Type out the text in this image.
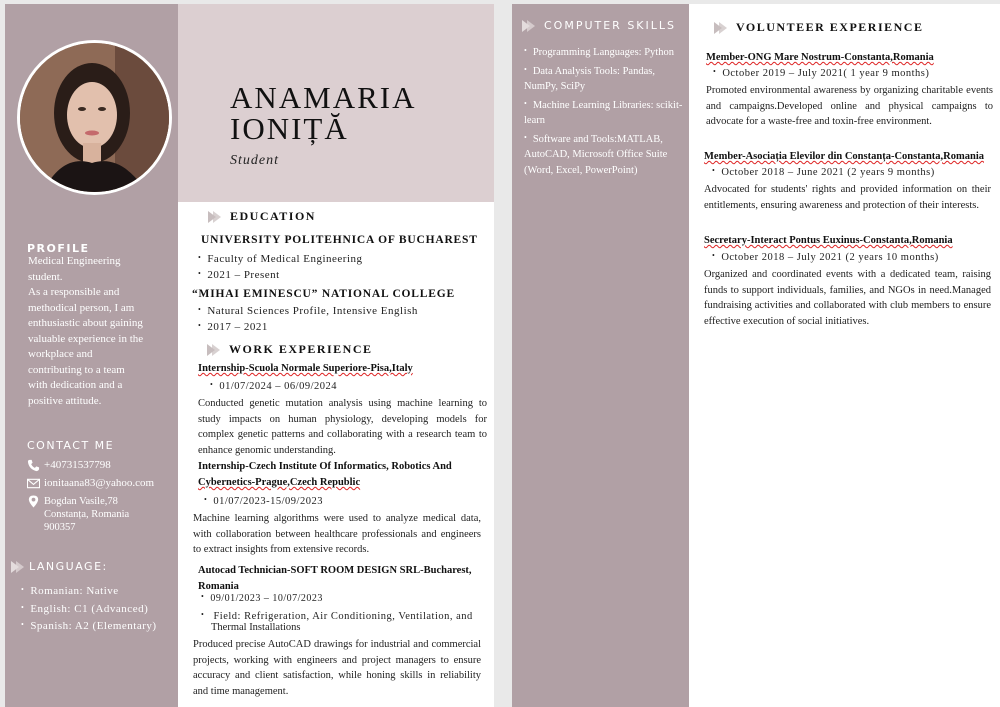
PROFILE
Medical Engineering
student.
As a responsible and
methodical person, I am
enthusiastic about gaining
valuable experience in the
workplace and
contributing to a team
with dedication and a
positive attitude.
CONTACT ME
+40731537798
ionitaana83@yahoo.com
Bogdan Vasile,78
Constanța, Romania
900357
LANGUAGE:
• Romanian: Native
• English: C1 (Advanced)
• Spanish: A2 (Elementary)
ANAMARIA
IONIȚĂ
Student
EDUCATION
UNIVERSITY POLITEHNICA OF BUCHAREST
• Faculty of Medical Engineering
• 2021 – Present
“MIHAI EMINESCU” NATIONAL COLLEGE
• Natural Sciences Profile, Intensive English
• 2017 – 2021
WORK EXPERIENCE
Internship-Scuola Normale Superiore-Pisa,Italy
• 01/07/2024 – 06/09/2024
Conducted genetic mutation analysis using machine learning to study impacts on human physiology, developing models for complex genetic patterns and collaborating with a research team to enhance genomic understanding.
Internship-Czech Institute Of Informatics, Robotics And
Cybernetics-Prague,Czech Republic
• 01/07/2023-15/09/2023
Machine learning algorithms were used to analyze medical data, with collaboration between healthcare professionals and engineers to extract insights from extensive records.
Autocad Technician-SOFT ROOM DESIGN SRL-Bucharest,
Romania
• 09/01/2023 – 10/07/2023
• Field: Refrigeration, Air Conditioning, Ventilation, and
Thermal Installations
Produced precise AutoCAD drawings for industrial and commercial projects, working with engineers and project managers to ensure accuracy and client satisfaction, while honing skills in reliability and time management.
COMPUTER SKILLS
• Programming Languages: Python
• Data Analysis Tools: Pandas, NumPy, SciPy
• Machine Learning Libraries: scikit-learn
• Software and Tools:MATLAB, AutoCAD, Microsoft Office Suite (Word, Excel, PowerPoint)
VOLUNTEER EXPERIENCE
Member-ONG Mare Nostrum-Constanta,Romania
• October 2019 – July 2021( 1 year 9 months)
Promoted environmental awareness by organizing charitable events and campaigns.Developed online and physical campaigns to advocate for a waste-free and toxin-free environment.
Member-Asociația Elevilor din Constanța-Constanta,Romania
• October 2018 – June 2021 (2 years 9 months)
Advocated for students' rights and provided information on their entitlements, ensuring awareness and protection of their interests.
Secretary-Interact Pontus Euxinus-Constanta,Romania
• October 2018 – July 2021 (2 years 10 months)
Organized and coordinated events with a dedicated team, raising funds to support individuals, families, and NGOs in need.Managed fundraising activities and collaborated with club members to ensure effective execution of social initiatives.
